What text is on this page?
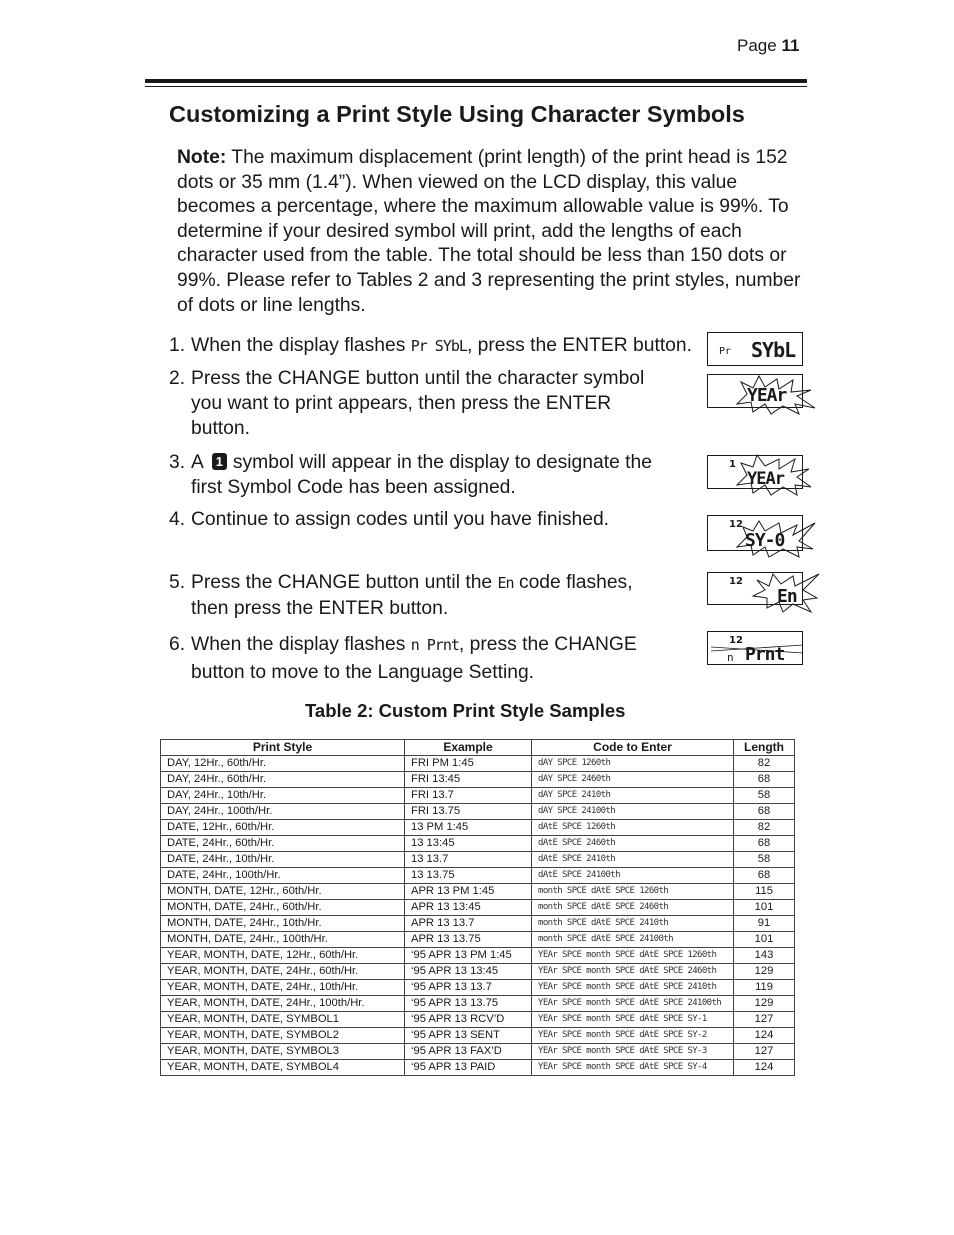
Page 11
Customizing a Print Style Using Character Symbols

Note: The maximum displacement (print length) of the print head is 152 dots or 35 mm (1.4”). When viewed on the LCD display, this value becomes a percentage, where the maximum allowable value is 99%. To determine if your desired symbol will print, add the lengths of each character used from the table. The total should be less than 150 dots or 99%. Please refer to Tables 2 and 3 representing the print styles, number of dots or line lengths.

1. When the display flashes Pr SYbL, press the ENTER button.
2. Press the CHANGE button until the character symbol
you want to print appears, then press the ENTER
button.
3. A 1 symbol will appear in the display to designate the
first Symbol Code has been assigned.
4. Continue to assign codes until you have finished.
5. Press the CHANGE button until the En code flashes,
then press the ENTER button.
6. When the display flashes n Prnt, press the CHANGE
button to move to the Language Setting.
Pr SYbL
YEAr
1
YEAr
12
SY-0
12
En
12
n Prnt
Table 2: Custom Print Style Samples
Print Style	Example	Code to Enter	Length
DAY, 12Hr., 60th/Hr.	FRI PM 1:45	dAY SPCE 1260th	82
DAY, 24Hr., 60th/Hr.	FRI 13:45	dAY SPCE 2460th	68
DAY, 24Hr., 10th/Hr.	FRI 13.7	dAY SPCE 2410th	58
DAY, 24Hr., 100th/Hr.	FRI 13.75	dAY SPCE 24100th	68
DATE, 12Hr., 60th/Hr.	13 PM 1:45	dAtE SPCE 1260th	82
DATE, 24Hr., 60th/Hr.	13 13:45	dAtE SPCE 2460th	68
DATE, 24Hr., 10th/Hr.	13 13.7	dAtE SPCE 2410th	58
DATE, 24Hr., 100th/Hr.	13 13.75	dAtE SPCE 24100th	68
MONTH, DATE, 12Hr., 60th/Hr.	APR 13 PM 1:45	month SPCE dAtE SPCE 1260th	115
MONTH, DATE, 24Hr., 60th/Hr.	APR 13 13:45	month SPCE dAtE SPCE 2460th	101
MONTH, DATE, 24Hr., 10th/Hr.	APR 13 13.7	month SPCE dAtE SPCE 2410th	91
MONTH, DATE, 24Hr., 100th/Hr.	APR 13 13.75	month SPCE dAtE SPCE 24100th	101
YEAR, MONTH, DATE, 12Hr., 60th/Hr.	‘95 APR 13 PM 1:45	YEAr SPCE month SPCE dAtE SPCE 1260th	143
YEAR, MONTH, DATE, 24Hr., 60th/Hr.	‘95 APR 13 13:45	YEAr SPCE month SPCE dAtE SPCE 2460th	129
YEAR, MONTH, DATE, 24Hr., 10th/Hr.	‘95 APR 13 13.7	YEAr SPCE month SPCE dAtE SPCE 2410th	119
YEAR, MONTH, DATE, 24Hr., 100th/Hr.	‘95 APR 13 13.75	YEAr SPCE month SPCE dAtE SPCE 24100th	129
YEAR, MONTH, DATE, SYMBOL1	‘95 APR 13 RCV’D	YEAr SPCE month SPCE dAtE SPCE SY-1	127
YEAR, MONTH, DATE, SYMBOL2	‘95 APR 13 SENT	YEAr SPCE month SPCE dAtE SPCE SY-2	124
YEAR, MONTH, DATE, SYMBOL3	‘95 APR 13 FAX’D	YEAr SPCE month SPCE dAtE SPCE SY-3	127
YEAR, MONTH, DATE, SYMBOL4	‘95 APR 13 PAID	YEAr SPCE month SPCE dAtE SPCE SY-4	124
